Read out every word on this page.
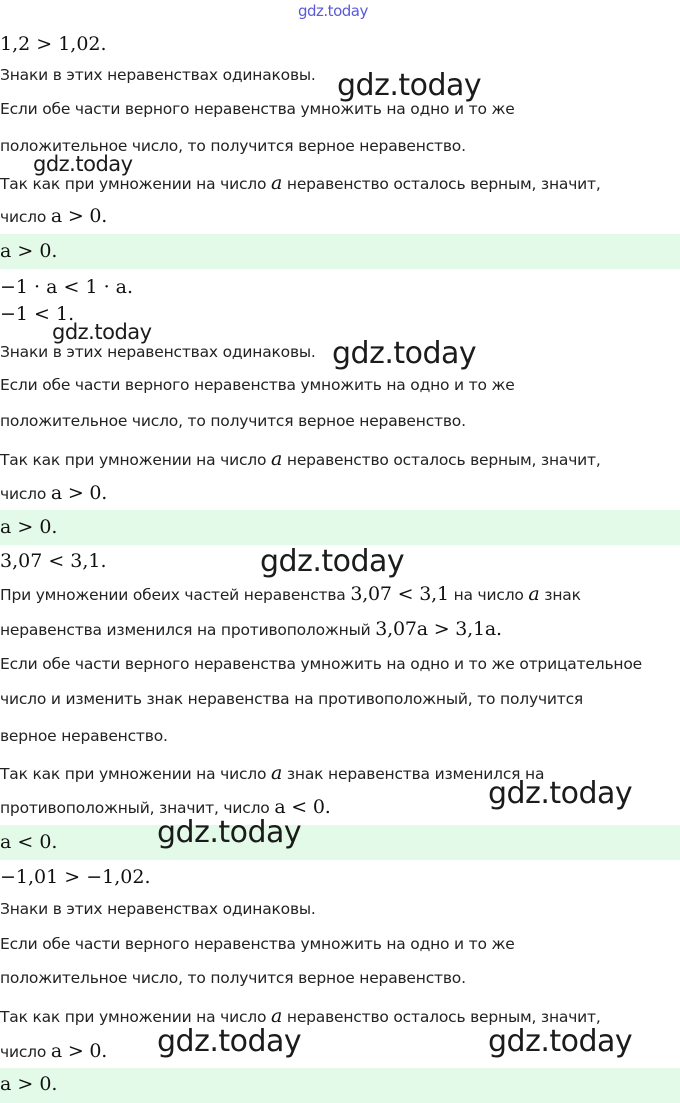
1,2 > 1,02.
Знаки в этих неравенствах одинаковы.
Если обе части верного неравенства умножить на одно и то же
положительное число, то получится верное неравенство.
Так как при умножении на число a неравенство осталось верным, значит,
число a > 0.
a > 0.
−1 · a < 1 · a.
−1 < 1.
Знаки в этих неравенствах одинаковы.
Если обе части верного неравенства умножить на одно и то же
положительное число, то получится верное неравенство.
Так как при умножении на число a неравенство осталось верным, значит,
число a > 0.
a > 0.
3,07 < 3,1.
При умножении обеих частей неравенства 3,07 < 3,1 на число a знак
неравенства изменился на противоположный 3,07a > 3,1a.
Если обе части верного неравенства умножить на одно и то же отрицательное
число и изменить знак неравенства на противоположный, то получится
верное неравенство.
Так как при умножении на число a знак неравенства изменился на
противоположный, значит, число a < 0.
a < 0.
−1,01 > −1,02.
Знаки в этих неравенствах одинаковы.
Если обе части верного неравенства умножить на одно и то же
положительное число, то получится верное неравенство.
Так как при умножении на число a неравенство осталось верным, значит,
число a > 0.
a > 0.
gdz.today
gdz.today
gdz.today
gdz.today
gdz.today
gdz.today
gdz.today
gdz.today
gdz.today	gdz.today
